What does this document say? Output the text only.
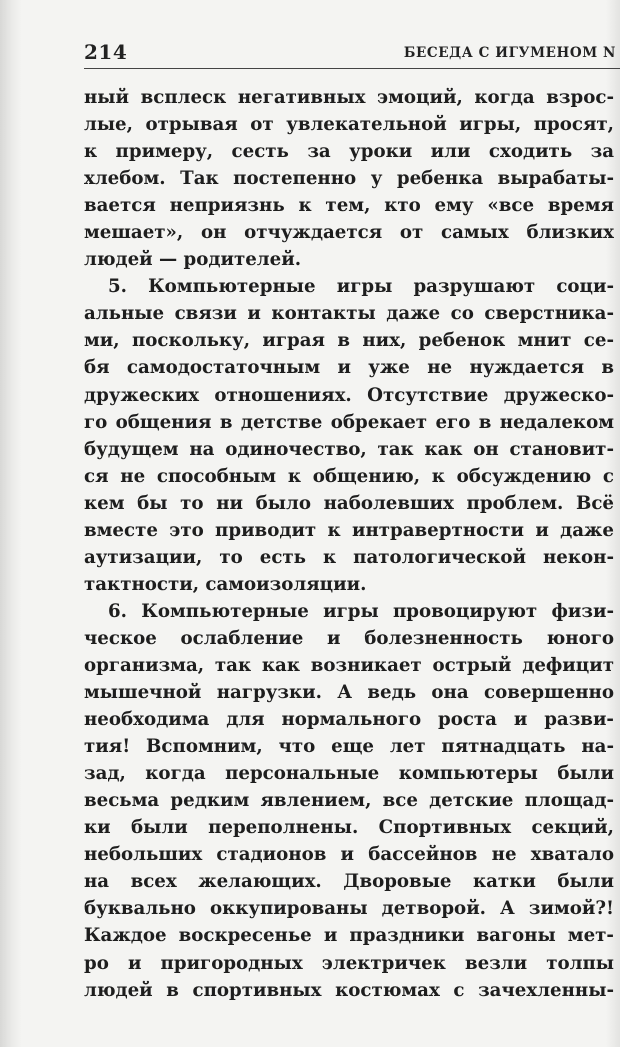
214	БЕСЕДА С ИГУМЕНОМ N
ный всплеск негативных эмоций, когда взрос-
лые, отрывая от увлекательной игры, просят,
к примеру, сесть за уроки или сходить за
хлебом. Так постепенно у ребенка вырабаты-
вается неприязнь к тем, кто ему «все время
мешает», он отчуждается от самых близких
людей — родителей.
5. Компьютерные игры разрушают соци-
альные связи и контакты даже со сверстника-
ми, поскольку, играя в них, ребенок мнит се-
бя самодостаточным и уже не нуждается в
дружеских отношениях. Отсутствие дружеско-
го общения в детстве обрекает его в недалеком
будущем на одиночество, так как он становит-
ся не способным к общению, к обсуждению с
кем бы то ни было наболевших проблем. Всё
вместе это приводит к интравертности и даже
аутизации, то есть к патологической некон-
тактности, самоизоляции.
6. Компьютерные игры провоцируют физи-
ческое ослабление и болезненность юного
организма, так как возникает острый дефицит
мышечной нагрузки. А ведь она совершенно
необходима для нормального роста и разви-
тия! Вспомним, что еще лет пятнадцать на-
зад, когда персональные компьютеры были
весьма редким явлением, все детские площад-
ки были переполнены. Спортивных секций,
небольших стадионов и бассейнов не хватало
на всех желающих. Дворовые катки были
буквально оккупированы детворой. А зимой?!
Каждое воскресенье и праздники вагоны мет-
ро и пригородных электричек везли толпы
людей в спортивных костюмах с зачехленны-
